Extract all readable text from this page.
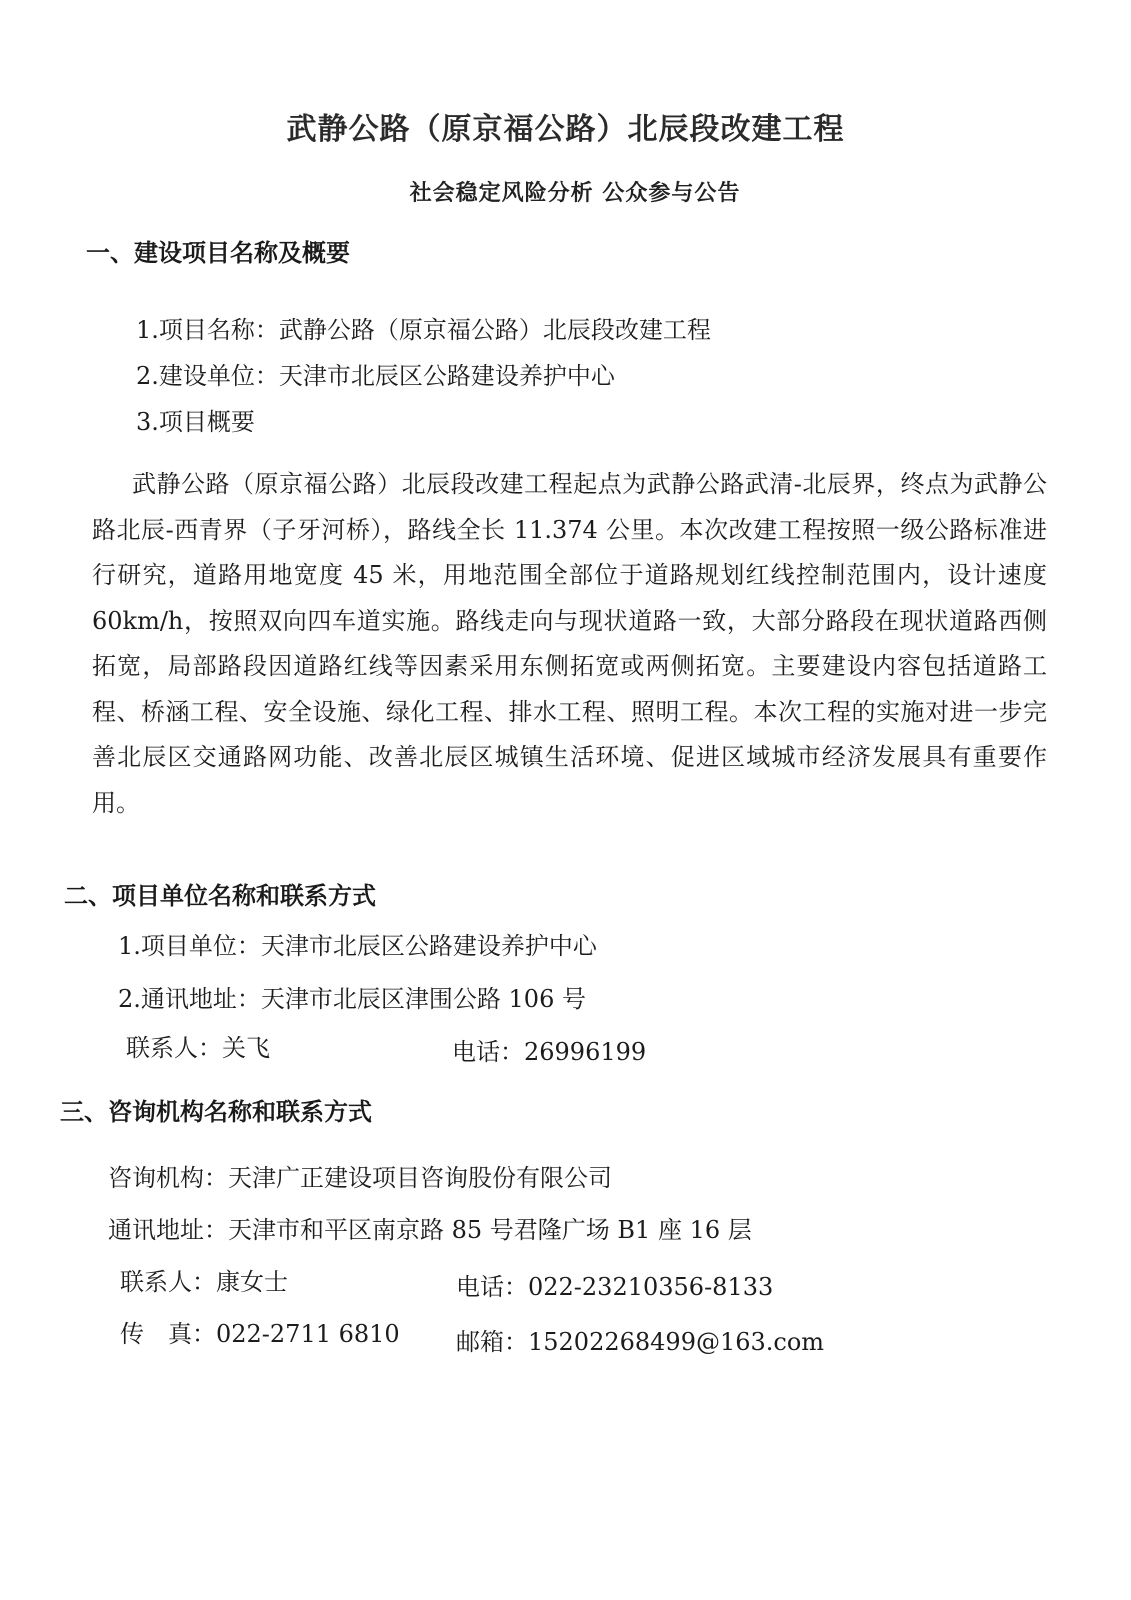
武静公路（原京福公路）北辰段改建工程
社会稳定风险分析 公众参与公告
一、建设项目名称及概要
1.项目名称：武静公路（原京福公路）北辰段改建工程
2.建设单位：天津市北辰区公路建设养护中心
3.项目概要
武静公路（原京福公路）北辰段改建工程起点为武静公路武清-北辰界，终点为武静公路北辰-西青界（子牙河桥），路线全长 11.374 公里。本次改建工程按照一级公路标准进行研究，道路用地宽度 45 米，用地范围全部位于道路规划红线控制范围内，设计速度 60km/h，按照双向四车道实施。路线走向与现状道路一致，大部分路段在现状道路西侧拓宽，局部路段因道路红线等因素采用东侧拓宽或两侧拓宽。主要建设内容包括道路工程、桥涵工程、安全设施、绿化工程、排水工程、照明工程。本次工程的实施对进一步完善北辰区交通路网功能、改善北辰区城镇生活环境、促进区域城市经济发展具有重要作用。
二、项目单位名称和联系方式
1.项目单位：天津市北辰区公路建设养护中心
2.通讯地址：天津市北辰区津围公路 106 号
联系人：关飞	电话：26996199
三、咨询机构名称和联系方式
咨询机构：天津广正建设项目咨询股份有限公司
通讯地址：天津市和平区南京路 85 号君隆广场 B1 座 16 层
联系人：康女士	电话：022-23210356-8133
传　真：022-2711 6810 邮箱：15202268499@163.com
